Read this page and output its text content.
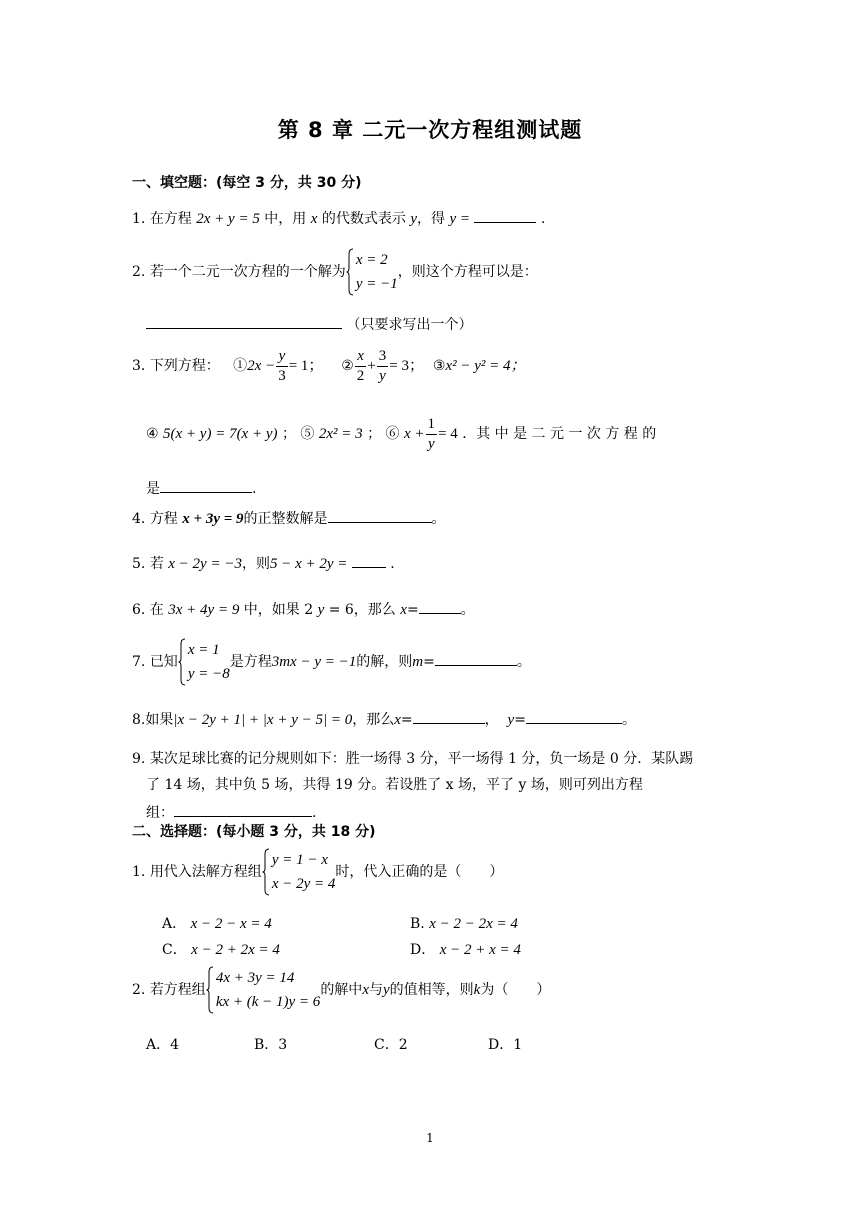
第 8 章 二元一次方程组测试题
一、填空题：(每空 3 分，共 30 分)
1. 在方程 2x + y = 5 中，用 x 的代数式表示 y，得 y =	.
2. 若一个二元一次方程的一个解为
x = 2
y = −1
，则这个方程可以是：
（只要求写出一个）
3. 下列方程： ①2x − $\frac{y}{3} = 1$； ② $\frac{x}{2} + \frac{3}{y} = 3$； ③x² − y² = 4；
④ 5(x + y) = 7(x + y) ； ⑤ 2x² = 3 ； ⑥ $x + \frac{1}{y} = 4$ ．其 中 是 二 元 一 次 方 程 的
是	.
4. 方程 x + 3y = 9的正整数解是	。
5. 若 x − 2y = −3，则5 − x + 2y =	.
6. 在 3x + 4y = 9 中，如果 2 y = 6，那么 x=	。
7. 已知
x = 1
y = −8
是方程3mx − y = −1的解，则m=	。
8.如果|x − 2y + 1| + |x + y − 5| = 0，那么x=	， y=	。
9. 某次足球比赛的记分规则如下：胜一场得 3 分，平一场得 1 分，负一场是 0 分．某队踢
了 14 场，其中负 5 场，共得 19 分。若设胜了 x 场，平了 y 场，则可列出方程
组：	.
二、选择题：(每小题 3 分，共 18 分)
1. 用代入法解方程组
y = 1 − x
x − 2y = 4
时，代入正确的是（　　）
A． x − 2 − x = 4	B. x − 2 − 2x = 4
C． x − 2 + 2x = 4	D． x − 2 + x = 4
2. 若方程组
4x + 3y = 14
kx + (k − 1)y = 6
的解中x与y的值相等，则k为（　　）
A．4	B．3	C．2	D．1
1
